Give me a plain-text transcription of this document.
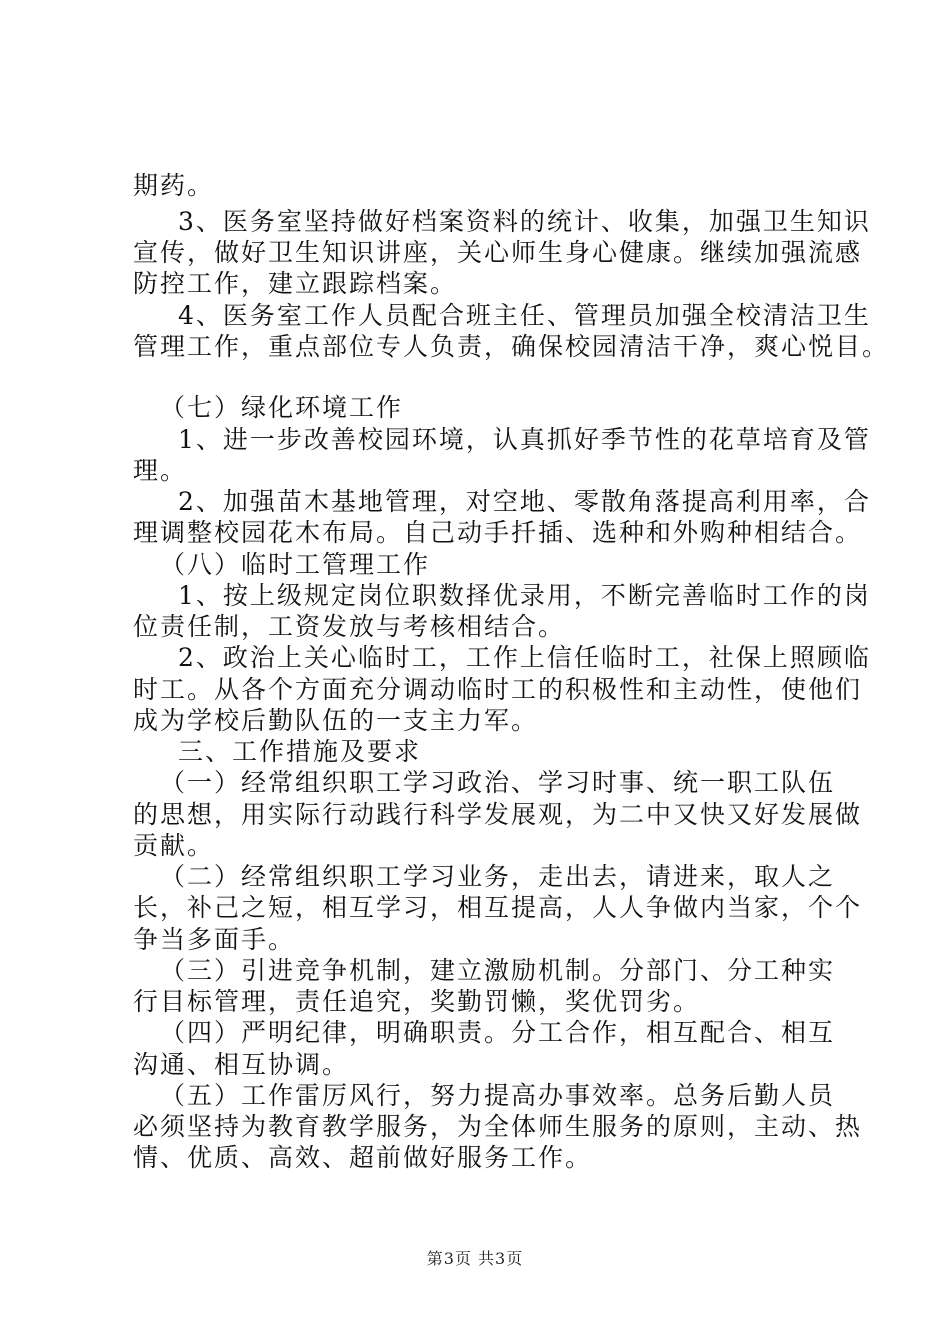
期药。
3、医务室坚持做好档案资料的统计、收集，加强卫生知识
宣传，做好卫生知识讲座，关心师生身心健康。继续加强流感
防控工作，建立跟踪档案。
4、医务室工作人员配合班主任、管理员加强全校清洁卫生
管理工作，重点部位专人负责，确保校园清洁干净，爽心悦目。
（七）绿化环境工作
1、进一步改善校园环境，认真抓好季节性的花草培育及管
理。
2、加强苗木基地管理，对空地、零散角落提高利用率，合
理调整校园花木布局。自己动手扦插、选种和外购种相结合。
（八）临时工管理工作
1、按上级规定岗位职数择优录用，不断完善临时工作的岗
位责任制，工资发放与考核相结合。
2、政治上关心临时工，工作上信任临时工，社保上照顾临
时工。从各个方面充分调动临时工的积极性和主动性，使他们
成为学校后勤队伍的一支主力军。
三、工作措施及要求
（一）经常组织职工学习政治、学习时事、统一职工队伍
的思想，用实际行动践行科学发展观，为二中又快又好发展做
贡献。
（二）经常组织职工学习业务，走出去，请进来，取人之
长，补己之短，相互学习，相互提高，人人争做内当家，个个
争当多面手。
（三）引进竞争机制，建立激励机制。分部门、分工种实
行目标管理，责任追究，奖勤罚懒，奖优罚劣。
（四）严明纪律，明确职责。分工合作，相互配合、相互
沟通、相互协调。
（五）工作雷厉风行，努力提高办事效率。总务后勤人员
必须坚持为教育教学服务，为全体师生服务的原则，主动、热
情、优质、高效、超前做好服务工作。
第3页 共3页
